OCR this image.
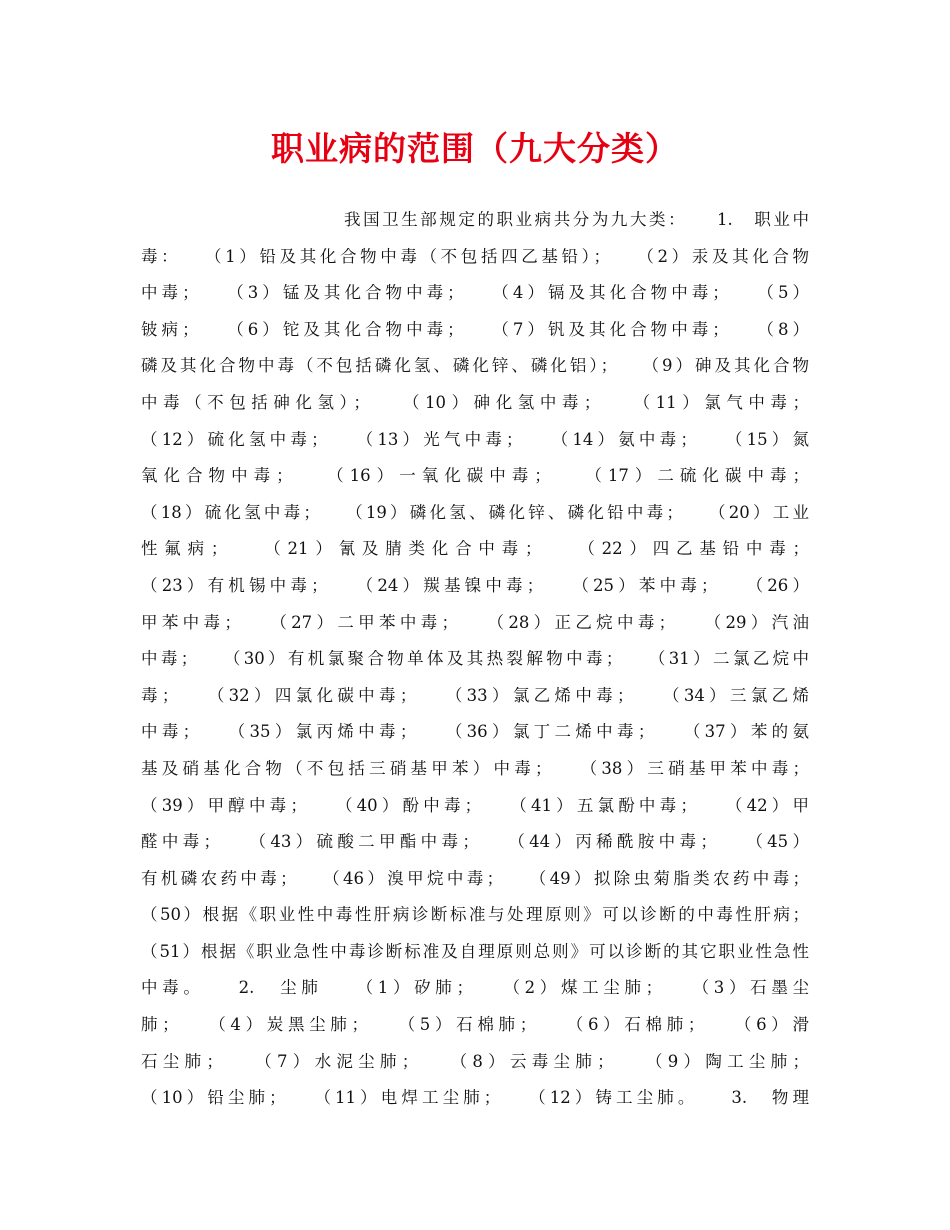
职业病的范围（九大分类）
我国卫生部规定的职业病共分为九大类：　　1.　职业中
毒：　　（1）铅及其化合物中毒（不包括四乙基铅）；　　（2）汞及其化合物
中毒；　　（3）锰及其化合物中毒；　　（4）镉及其化合物中毒；　　（5）
铍病；　　（6）铊及其化合物中毒；　　（7）钒及其化合物中毒；　　（8）
磷及其化合物中毒（不包括磷化氢、磷化锌、磷化铝）；　　（9）砷及其化合物
中毒（不包括砷化氢）；　　（10）砷化氢中毒；　　（11）氯气中毒；
（12）硫化氢中毒；　　（13）光气中毒；　　（14）氨中毒；　　（15）氮
氧化合物中毒；　　（16）一氧化碳中毒；　　（17）二硫化碳中毒；
（18）硫化氢中毒；　　（19）磷化氢、磷化锌、磷化铅中毒；　　（20）工业
性氟病；　　（21）氰及腈类化合中毒；　　（22）四乙基铅中毒；
（23）有机锡中毒；　　（24）羰基镍中毒；　　（25）苯中毒；　　（26）
甲苯中毒；　　（27）二甲苯中毒；　　（28）正乙烷中毒；　　（29）汽油
中毒；　　（30）有机氯聚合物单体及其热裂解物中毒；　　（31）二氯乙烷中
毒；　　（32）四氯化碳中毒；　　（33）氯乙烯中毒；　　（34）三氯乙烯
中毒；　　（35）氯丙烯中毒；　　（36）氯丁二烯中毒；　　（37）苯的氨
基及硝基化合物（不包括三硝基甲苯）中毒；　　（38）三硝基甲苯中毒；
（39）甲醇中毒；　　（40）酚中毒；　　（41）五氯酚中毒；　　（42）甲
醛中毒；　　（43）硫酸二甲酯中毒；　　（44）丙稀酰胺中毒；　　（45）
有机磷农药中毒；　　（46）溴甲烷中毒；　　（49）拟除虫菊脂类农药中毒；
（50）根据《职业性中毒性肝病诊断标准与处理原则》可以诊断的中毒性肝病；
（51）根据《职业急性中毒诊断标准及自理原则总则》可以诊断的其它职业性急性
中毒。　　2.　尘肺　　（1）矽肺；　　（2）煤工尘肺；　　（3）石墨尘
肺；　　（4）炭黑尘肺；　　（5）石棉肺；　　（6）石棉肺；　　（6）滑
石尘肺；　　（7）水泥尘肺；　　（8）云毒尘肺；　　（9）陶工尘肺；
（10）铅尘肺；　　（11）电焊工尘肺；　　（12）铸工尘肺。　　3.　物理
